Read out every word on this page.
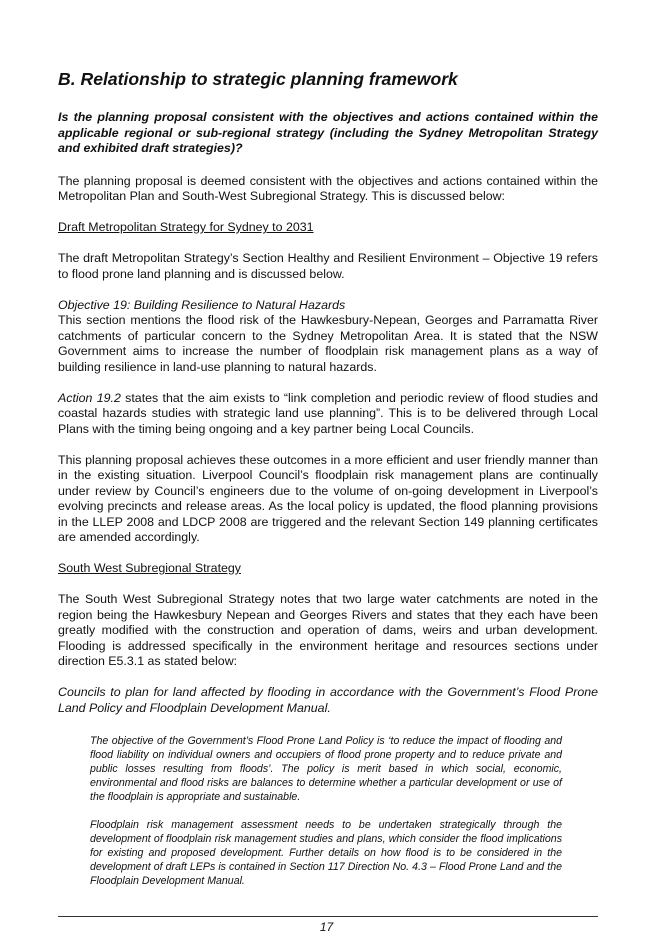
B. Relationship to strategic planning framework
Is the planning proposal consistent with the objectives and actions contained within the applicable regional or sub-regional strategy (including the Sydney Metropolitan Strategy and exhibited draft strategies)?

The planning proposal is deemed consistent with the objectives and actions contained within the Metropolitan Plan and South-West Subregional Strategy. This is discussed below:

Draft Metropolitan Strategy for Sydney to 2031

The draft Metropolitan Strategy’s Section Healthy and Resilient Environment – Objective 19 refers to flood prone land planning and is discussed below.

Objective 19: Building Resilience to Natural Hazards
This section mentions the flood risk of the Hawkesbury-Nepean, Georges and Parramatta River catchments of particular concern to the Sydney Metropolitan Area. It is stated that the NSW Government aims to increase the number of floodplain risk management plans as a way of building resilience in land-use planning to natural hazards.

Action 19.2 states that the aim exists to “link completion and periodic review of flood studies and coastal hazards studies with strategic land use planning”. This is to be delivered through Local Plans with the timing being ongoing and a key partner being Local Councils.

This planning proposal achieves these outcomes in a more efficient and user friendly manner than in the existing situation. Liverpool Council’s floodplain risk management plans are continually under review by Council’s engineers due to the volume of on-going development in Liverpool’s evolving precincts and release areas. As the local policy is updated, the flood planning provisions in the LLEP 2008 and LDCP 2008 are triggered and the relevant Section 149 planning certificates are amended accordingly.

South West Subregional Strategy

The South West Subregional Strategy notes that two large water catchments are noted in the region being the Hawkesbury Nepean and Georges Rivers and states that they each have been greatly modified with the construction and operation of dams, weirs and urban development. Flooding is addressed specifically in the environment heritage and resources sections under direction E5.3.1 as stated below:

Councils to plan for land affected by flooding in accordance with the Government’s Flood Prone Land Policy and Floodplain Development Manual.
The objective of the Government’s Flood Prone Land Policy is ‘to reduce the impact of flooding and flood liability on individual owners and occupiers of flood prone property and to reduce private and public losses resulting from floods’. The policy is merit based in which social, economic, environmental and flood risks are balances to determine whether a particular development or use of the floodplain is appropriate and sustainable.
Floodplain risk management assessment needs to be undertaken strategically through the development of floodplain risk management studies and plans, which consider the flood implications for existing and proposed development. Further details on how flood is to be considered in the development of draft LEPs is contained in Section 117 Direction No. 4.3 – Flood Prone Land and the Floodplain Development Manual.
17
